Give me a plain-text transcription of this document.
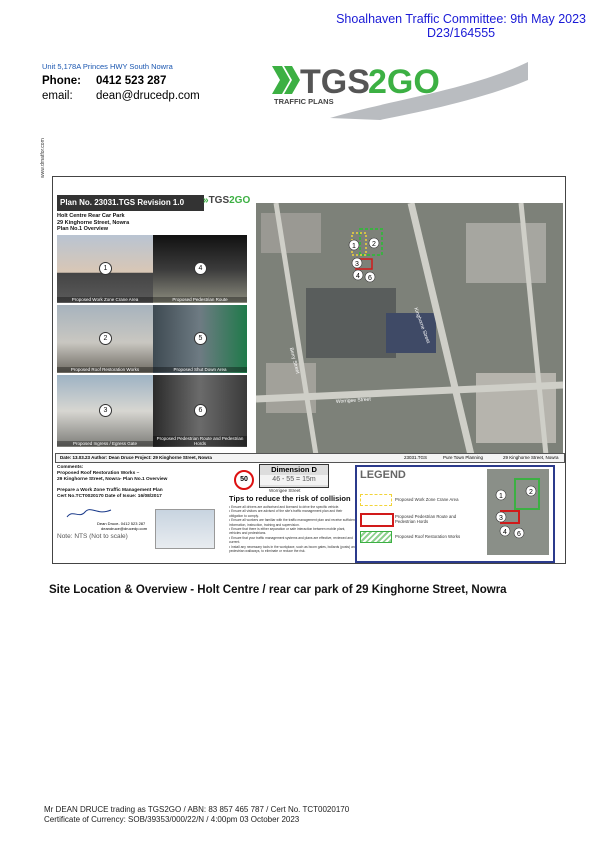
Shoalhaven Traffic Committee: 9th May 2023
D23/164555
Unit 5,178A Princes HWY South Nowra
Phone:	0412 523 287
email:	dean@drucedp.com	TGS
2GO
TRAFFIC PLANS
www.drnatfor.com
Plan No. 23031.TGS Revision 1.0	»TGS2GO
Holt Centre Rear Car Park
29 Kinghorne Street, Nowra
Plan No.1 Overview
1
Proposed Work Zone Crane Area
4
Proposed Pedestrian Route
2
Proposed Roof Restoration Works
5
Proposed Shut Down Area
3
Proposed Ingress / Egress Gate
6
Proposed Pedestrian Route and Pedestrian Hords
1 2
3
4 6
Kinghorne Street
Berry Street
Worrigee Street
Date: 13.03.23 Author: Dean Druce Project: 29 Kinghorne Street, Nowra	23031.TGS	Pure Town Planning	29 Kinghorne Street, Nowra
Comments:
Proposed Roof Restoration Works –
29 Kinghorne Street, Nowra- Plan No.1 Overview
Prepare a Work Zone Traffic Management Plan
Cert No.TCT0020170 Date of Issue: 16/08/2017
Dean Druce- 0412 523 287
deandruce@drucedp.com
Note: NTS (Not to scale)
50
Dimension D
46 - 55 = 15m
Worrigee Street
Tips to reduce the risk of collision
• Ensure all drivers are authorised and licensed to drive the specific vehicle.
• Ensure all visitors are advised of the site's traffic management plan and their obligation to comply.
• Ensure all workers are familiar with the traffic management plan and receive sufficient information, instruction, training and supervision.
• Ensure that there is either separation or safe interaction between mobile plant, vehicles and pedestrians.
• Ensure that your traffic management systems and plans are effective, reviewed and current.
• Install any necessary tools in the workplace, such as boom gates, bollards (posts) and pedestrian walkways, to eliminate or reduce the risk.
LEGEND
Proposed Work Zone Crane Area
Proposed Pedestrian Route and Pedestrian Hords
Proposed Roof Restoration Works
1
2
3
4 6
Site Location & Overview - Holt Centre / rear car park of 29 Kinghorne Street, Nowra
Mr DEAN DRUCE trading as TGS2GO / ABN: 83 857 465 787 / Cert No. TCT0020170
Certificate of Currency: SOB/39353/000/22/N / 4:00pm 03 October 2023
